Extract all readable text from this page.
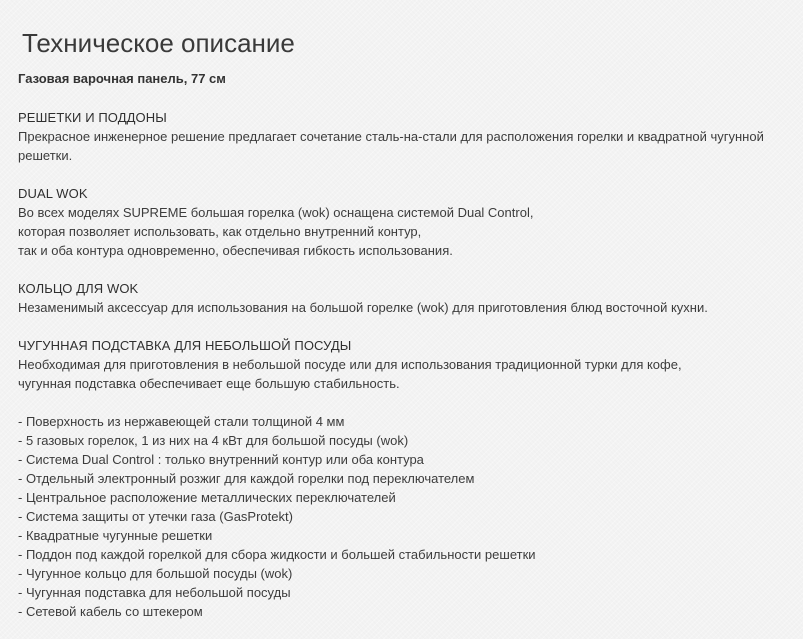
Техническое описание
Газовая варочная панель, 77 см
РЕШЕТКИ И ПОДДОНЫ
Прекрасное инженерное решение предлагает сочетание сталь-на-стали для расположения горелки и квадратной чугунной решетки.
DUAL WOK
Во всех моделях SUPREME большая горелка (wok) оснащена системой Dual Control,
которая позволяет использовать, как отдельно внутренний контур,
так и оба контура одновременно, обеспечивая гибкость использования.
КОЛЬЦО ДЛЯ WOK
Незаменимый аксессуар для использования на большой горелке (wok) для приготовления блюд восточной кухни.
ЧУГУННАЯ ПОДСТАВКА ДЛЯ НЕБОЛЬШОЙ ПОСУДЫ
Необходимая для приготовления в небольшой посуде или для использования традиционной турки для кофе,
чугунная подставка обеспечивает еще большую стабильность.
- Поверхность из нержавеющей стали толщиной 4 мм
- 5 газовых горелок, 1 из них на 4 кВт для большой посуды (wok)
- Система Dual Control : только внутренний контур или оба контура
- Отдельный электронный розжиг для каждой горелки под переключателем
- Центральное расположение металлических переключателей
- Система защиты от утечки газа (GasProtekt)
- Квадратные чугунные решетки
- Поддон под каждой горелкой для сбора жидкости и большей стабильности решетки
- Чугунное кольцо для большой посуды (wok)
- Чугунная подставка для небольшой посуды
- Сетевой кабель со штекером
